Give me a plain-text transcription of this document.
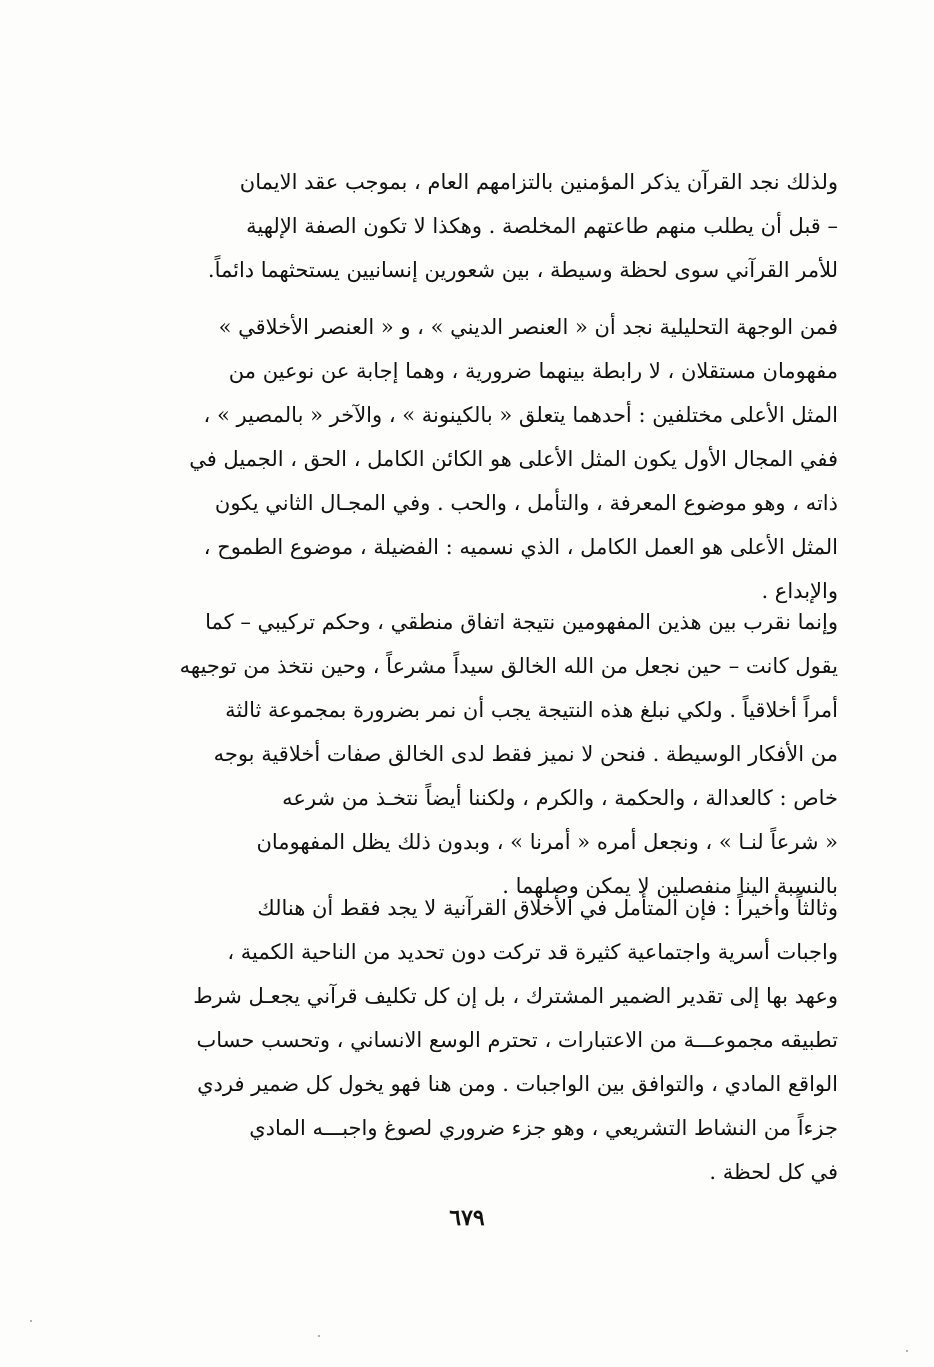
ولذلك نجد القرآن يذكر المؤمنين بالتزامهم العام ، بموجب عقد الايمان
– قبل أن يطلب منهم طاعتهم المخلصة . وهكذا لا تكون الصفة الإلهية
للأمر القرآني سوى لحظة وسيطة ، بين شعورين إنسانيين يستحثهما دائماً.
فمن الوجهة التحليلية نجد أن « العنصر الديني » ، و « العنصر الأخلاقي »
مفهومان مستقلان ، لا رابطة بينهما ضرورية ، وهما إجابة عن نوعين من
المثل الأعلى مختلفين : أحدهما يتعلق « بالكينونة » ، والآخر « بالمصير » ،
ففي المجال الأول يكون المثل الأعلى هو الكائن الكامل ، الحق ، الجميل في
ذاته ، وهو موضوع المعرفة ، والتأمل ، والحب . وفي المجـال الثاني يكون
المثل الأعلى هو العمل الكامل ، الذي نسميه : الفضيلة ، موضوع الطموح ،
والإبداع .
وإنما نقرب بين هذين المفهومين نتيجة اتفاق منطقي ، وحكم تركيبي – كما
يقول كانت – حين نجعل من الله الخالق سيداً مشرعاً ، وحين نتخذ من توجيهه
أمراً أخلاقياً . ولكي نبلغ هذه النتيجة يجب أن نمر بضرورة بمجموعة ثالثة
من الأفكار الوسيطة . فنحن لا نميز فقط لدى الخالق صفات أخلاقية بوجه
خاص : كالعدالة ، والحكمة ، والكرم ، ولكننا أيضاً نتخـذ من شرعه
« شرعاً لنـا » ، ونجعل أمره « أمرنا » ، وبدون ذلك يظل المفهومان
بالنسبة الينا منفصلين لا يمكن وصلهما .
وثالثاً وأخيراً : فإن المتأمل في الأخلاق القرآنية لا يجد فقط أن هنالك
واجبات أسرية واجتماعية كثيرة قد تركت دون تحديد من الناحية الكمية ،
وعهد بها إلى تقدير الضمير المشترك ، بل إن كل تكليف قرآني يجعـل شرط
تطبيقه مجموعـــة من الاعتبارات ، تحترم الوسع الانساني ، وتحسب حساب
الواقع المادي ، والتوافق بين الواجبات . ومن هنا فهو يخول كل ضمير فردي
جزءاً من النشاط التشريعي ، وهو جزء ضروري لصوغ واجبـــه المادي
في كل لحظة .
٦٧٩
